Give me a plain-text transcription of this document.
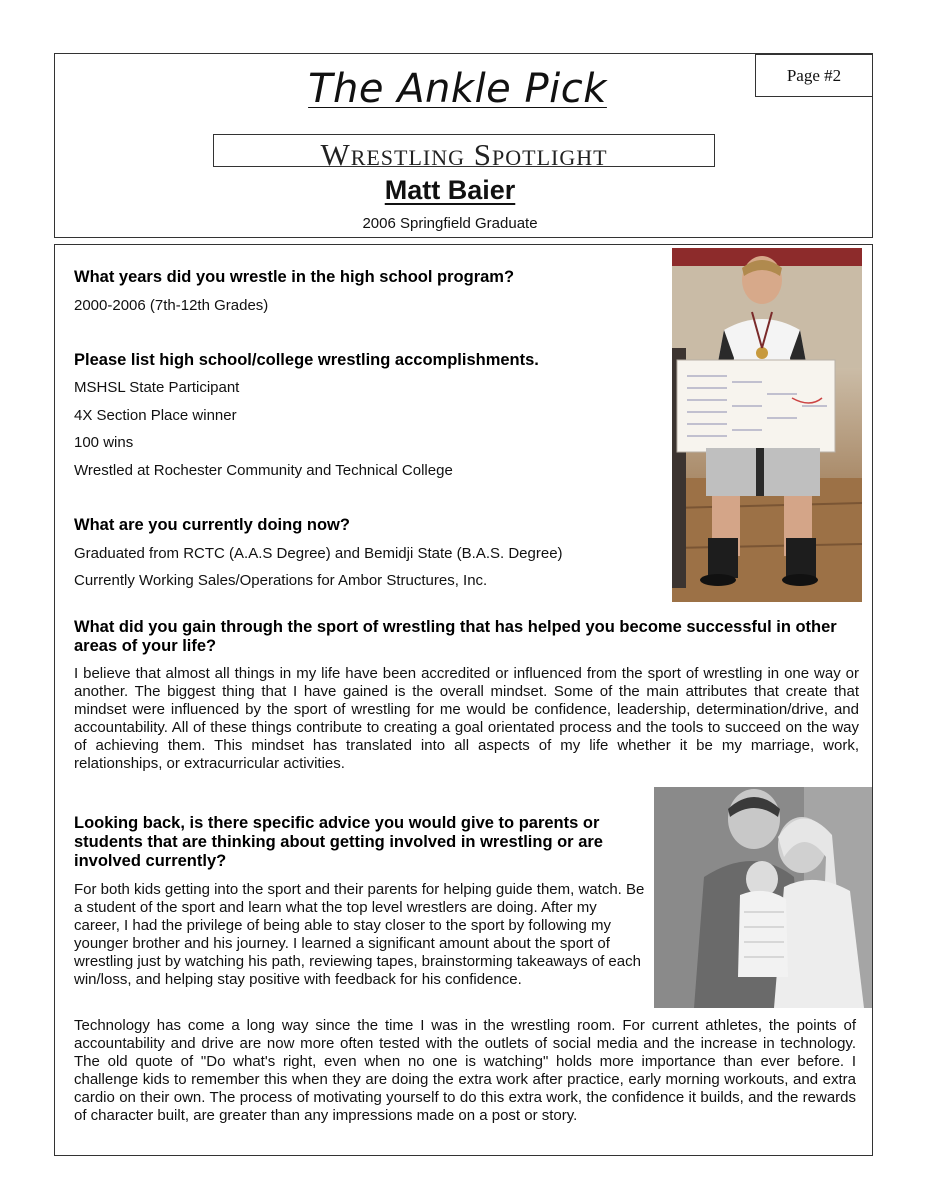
Page #2
The Ankle Pick
Wrestling Spotlight
Matt Baier
2006 Springfield Graduate
What years did you wrestle in the high school program?
2000-2006 (7th-12th Grades)
Please list high school/college wrestling accomplishments.
MSHSL State Participant
4X Section Place winner
100 wins
Wrestled at Rochester Community and Technical College
What are you currently doing now?
Graduated from RCTC (A.A.S Degree) and Bemidji State (B.A.S. Degree)
Currently Working Sales/Operations for Ambor Structures, Inc.
What did you gain through the sport of wrestling that has helped you become successful in other areas of your life?
I believe that almost all things in my life have been accredited or influenced from the sport of wrestling in one way or another. The biggest thing that I have gained is the overall mindset. Some of the main attributes that create that mindset were influenced by the sport of wrestling for me would be confidence, leadership, determination/drive, and accountability. All of these things contribute to creating a goal orientated process and the tools to succeed on the way of achieving them. This mindset has translated into all aspects of my life whether it be my marriage, work, relationships, or extracurricular activities.
Looking back, is there specific advice you would give to parents or students that are thinking about getting involved in wrestling or are involved currently?
For both kids getting into the sport and their parents for helping guide them, watch. Be a student of the sport and learn what the top level wrestlers are doing. After my career, I had the privilege of being able to stay closer to the sport by following my younger brother and his journey. I learned a significant amount about the sport of wrestling just by watching his path, reviewing tapes, brainstorming takeaways of each win/loss, and helping stay positive with feedback for his confidence.
Technology has come a long way since the time I was in the wrestling room. For current athletes, the points of accountability and drive are now more often tested with the outlets of social media and the increase in technology. The old quote of "Do what's right, even when no one is watching" holds more importance than ever before. I challenge kids to remember this when they are doing the extra work after practice, early morning workouts, and extra cardio on their own. The process of motivating yourself to do this extra work, the confidence it builds, and the rewards of character built, are greater than any impressions made on a post or story.
